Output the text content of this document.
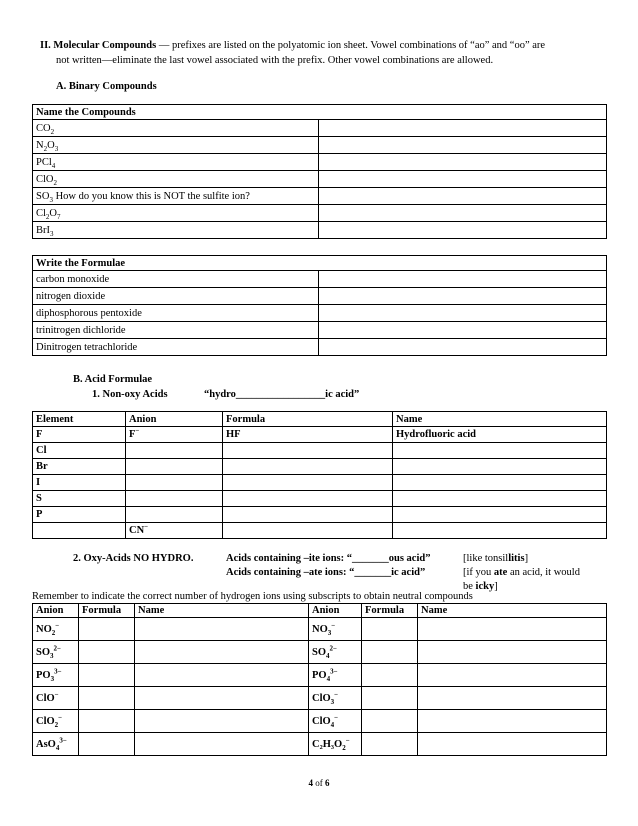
II. Molecular Compounds — prefixes are listed on the polyatomic ion sheet. Vowel combinations of “ao” and “oo” are
not written—eliminate the last vowel associated with the prefix. Other vowel combinations are allowed.
A. Binary Compounds
Name the Compounds	
$CO_2$	
$N_2O_3$	
PCl$_4$	
ClO$_2$	
$SO_3$ How do you know this is NOT the sulfite ion?	
$Cl_2O_7$	
BrI$_3$	
Write the Formulae	
carbon monoxide	
nitrogen dioxide	
diphosphorous pentoxide	
trinitrogen dichloride	
Dinitrogen tetrachloride	
B. Acid Formulae
1. Non-oxy Acids	“hydro_________________ic acid”
Element	Anion	Formula	Name
F	F−	HF	Hydrofluoric acid
Cl			
Br			
I			
S			
P			
	CN−		
2. Oxy-Acids NO HYDRO.	Acids containing –ite ions: “_______ous acid”	[like tonsillitis]
Acids containing –ate ions: “_______ic acid”	[if you ate an acid, it would
be icky]
Remember to indicate the correct number of hydrogen ions using subscripts to obtain neutral compounds
Anion	Formula	Name	Anion	Formula	Name
$NO_2^-$			$NO_3^-$		
$SO_3^{2-}$			$SO_4^{2-}$		
$PO_3^{3-}$			$PO_4^{3-}$		
ClO−			ClO$_3$−		
ClO$_2$−			ClO$_4$−		
AsO$_4^{3-}$			$C_2H_3O_2^-$		
4 of 6
